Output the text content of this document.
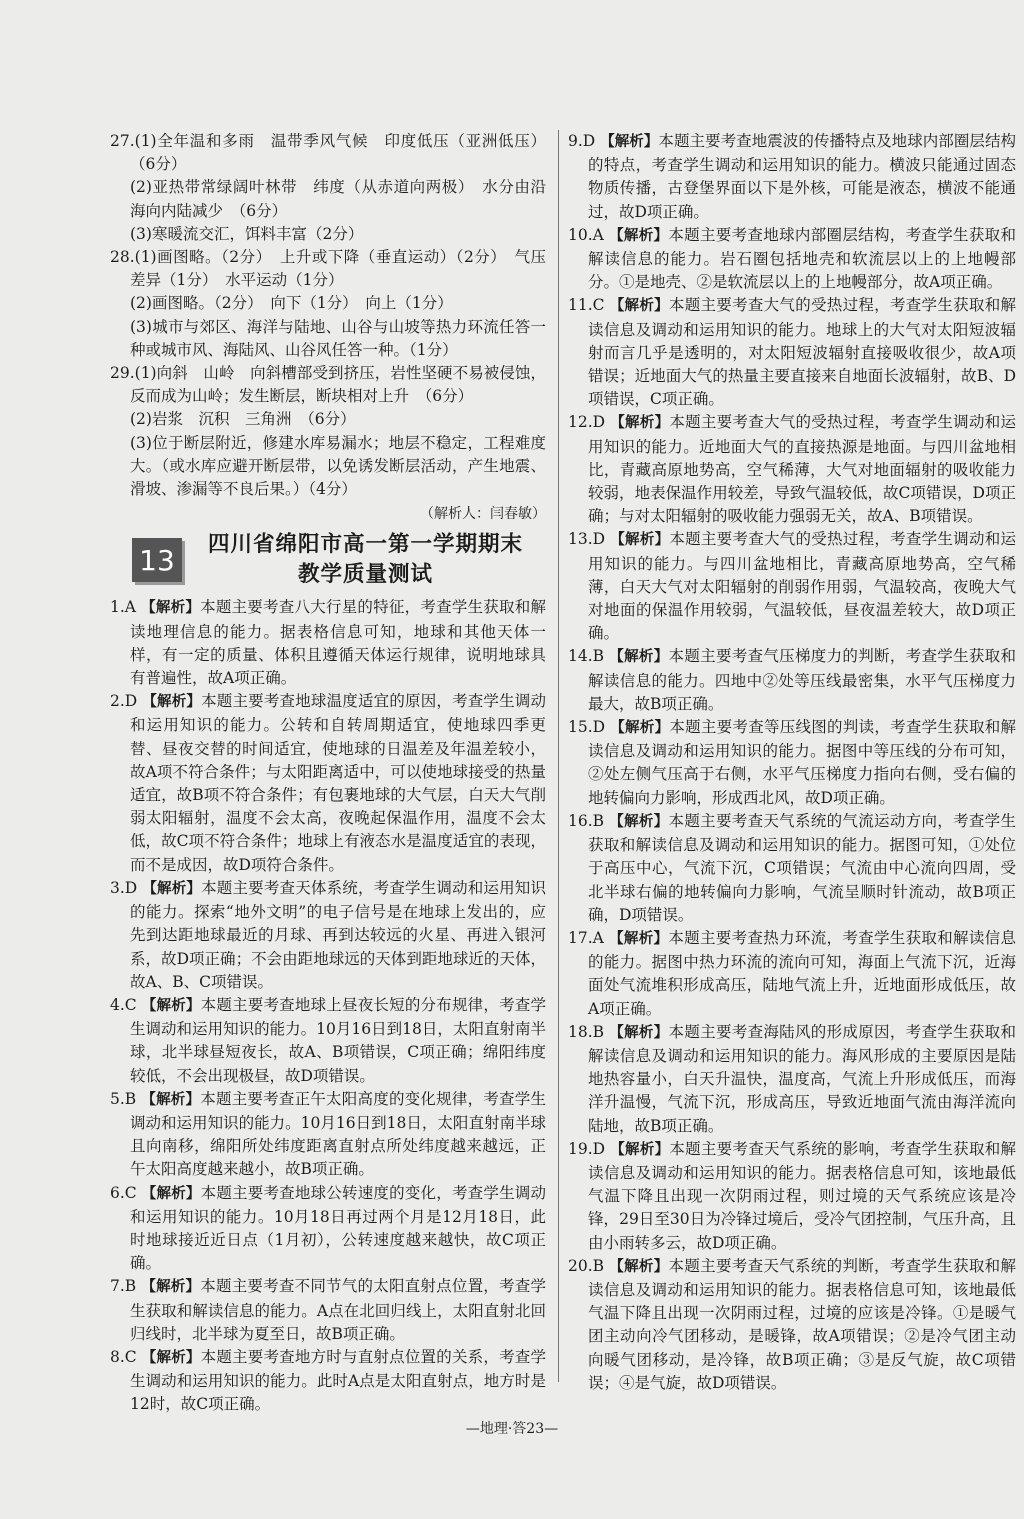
27.(1)全年温和多雨　温带季风气候　印度低压（亚洲低压）（6分）

(2)亚热带常绿阔叶林带　纬度（从赤道向两极）　水分由沿海向内陆减少　（6分）

(3)寒暖流交汇，饵料丰富（2分）

28.(1)画图略。（2分）　上升或下降（垂直运动）（2分）　气压差异（1分）　水平运动（1分）

(2)画图略。（2分）　向下（1分）　向上（1分）

(3)城市与郊区、海洋与陆地、山谷与山坡等热力环流任答一种或城市风、海陆风、山谷风任答一种。（1分）

29.(1)向斜　山岭　向斜槽部受到挤压，岩性坚硬不易被侵蚀，反而成为山岭；发生断层，断块相对上升　（6分）

(2)岩浆　沉积　三角洲　（6分）

(3)位于断层附近，修建水库易漏水；地层不稳定，工程难度大。（或水库应避开断层带，以免诱发断层活动，产生地震、滑坡、渗漏等不良后果。）（4分）

（解析人：闫春敏）

13	四川省绵阳市高一第一学期期末
教学质量测试

1.A 【解析】本题主要考查八大行星的特征，考查学生获取和解读地理信息的能力。据表格信息可知，地球和其他天体一样，有一定的质量、体积且遵循天体运行规律，说明地球具有普遍性，故A项正确。

2.D 【解析】本题主要考查地球温度适宜的原因，考查学生调动和运用知识的能力。公转和自转周期适宜，使地球四季更替、昼夜交替的时间适宜，使地球的日温差及年温差较小，故A项不符合条件；与太阳距离适中，可以使地球接受的热量适宜，故B项不符合条件；有包裹地球的大气层，白天大气削弱太阳辐射，温度不会太高，夜晚起保温作用，温度不会太低，故C项不符合条件；地球上有液态水是温度适宜的表现，而不是成因，故D项符合条件。

3.D 【解析】本题主要考查天体系统，考查学生调动和运用知识的能力。探索“地外文明”的电子信号是在地球上发出的，应先到达距地球最近的月球、再到达较远的火星、再进入银河系，故D项正确；不会由距地球远的天体到距地球近的天体，故A、B、C项错误。

4.C 【解析】本题主要考查地球上昼夜长短的分布规律，考查学生调动和运用知识的能力。10月16日到18日，太阳直射南半球，北半球昼短夜长，故A、B项错误，C项正确；绵阳纬度较低，不会出现极昼，故D项错误。

5.B 【解析】本题主要考查正午太阳高度的变化规律，考查学生调动和运用知识的能力。10月16日到18日，太阳直射南半球且向南移，绵阳所处纬度距离直射点所处纬度越来越远，正午太阳高度越来越小，故B项正确。

6.C 【解析】本题主要考查地球公转速度的变化，考查学生调动和运用知识的能力。10月18日再过两个月是12月18日，此时地球接近近日点（1月初），公转速度越来越快，故C项正确。

7.B 【解析】本题主要考查不同节气的太阳直射点位置，考查学生获取和解读信息的能力。A点在北回归线上，太阳直射北回归线时，北半球为夏至日，故B项正确。

8.C 【解析】本题主要考查地方时与直射点位置的关系，考查学生调动和运用知识的能力。此时A点是太阳直射点，地方时是12时，故C项正确。

9.D 【解析】本题主要考查地震波的传播特点及地球内部圈层结构的特点，考查学生调动和运用知识的能力。横波只能通过固态物质传播，古登堡界面以下是外核，可能是液态，横波不能通过，故D项正确。

10.A 【解析】本题主要考查地球内部圈层结构，考查学生获取和解读信息的能力。岩石圈包括地壳和软流层以上的上地幔部分。①是地壳、②是软流层以上的上地幔部分，故A项正确。

11.C 【解析】本题主要考查大气的受热过程，考查学生获取和解读信息及调动和运用知识的能力。地球上的大气对太阳短波辐射而言几乎是透明的，对太阳短波辐射直接吸收很少，故A项错误；近地面大气的热量主要直接来自地面长波辐射，故B、D项错误，C项正确。

12.D 【解析】本题主要考查大气的受热过程，考查学生调动和运用知识的能力。近地面大气的直接热源是地面。与四川盆地相比，青藏高原地势高，空气稀薄，大气对地面辐射的吸收能力较弱，地表保温作用较差，导致气温较低，故C项错误，D项正确；与对太阳辐射的吸收能力强弱无关，故A、B项错误。

13.D 【解析】本题主要考查大气的受热过程，考查学生调动和运用知识的能力。与四川盆地相比，青藏高原地势高，空气稀薄，白天大气对太阳辐射的削弱作用弱，气温较高，夜晚大气对地面的保温作用较弱，气温较低，昼夜温差较大，故D项正确。

14.B 【解析】本题主要考查气压梯度力的判断，考查学生获取和解读信息的能力。四地中②处等压线最密集，水平气压梯度力最大，故B项正确。

15.D 【解析】本题主要考查等压线图的判读，考查学生获取和解读信息及调动和运用知识的能力。据图中等压线的分布可知，②处左侧气压高于右侧，水平气压梯度力指向右侧，受右偏的地转偏向力影响，形成西北风，故D项正确。

16.B 【解析】本题主要考查天气系统的气流运动方向，考查学生获取和解读信息及调动和运用知识的能力。据图可知，①处位于高压中心，气流下沉，C项错误；气流由中心流向四周，受北半球右偏的地转偏向力影响，气流呈顺时针流动，故B项正确，D项错误。

17.A 【解析】本题主要考查热力环流，考查学生获取和解读信息的能力。据图中热力环流的流向可知，海面上气流下沉，近海面处气流堆积形成高压，陆地气流上升，近地面形成低压，故A项正确。

18.B 【解析】本题主要考查海陆风的形成原因，考查学生获取和解读信息及调动和运用知识的能力。海风形成的主要原因是陆地热容量小，白天升温快，温度高，气流上升形成低压，而海洋升温慢，气流下沉，形成高压，导致近地面气流由海洋流向陆地，故B项正确。

19.D 【解析】本题主要考查天气系统的影响，考查学生获取和解读信息及调动和运用知识的能力。据表格信息可知，该地最低气温下降且出现一次阴雨过程，则过境的天气系统应该是冷锋，29日至30日为冷锋过境后，受冷气团控制，气压升高，且由小雨转多云，故D项正确。

20.B 【解析】本题主要考查天气系统的判断，考查学生获取和解读信息及调动和运用知识的能力。据表格信息可知，该地最低气温下降且出现一次阴雨过程，过境的应该是冷锋。①是暖气团主动向冷气团移动，是暖锋，故A项错误；②是冷气团主动向暖气团移动，是冷锋，故B项正确；③是反气旋，故C项错误；④是气旋，故D项错误。

—地理·答23—
